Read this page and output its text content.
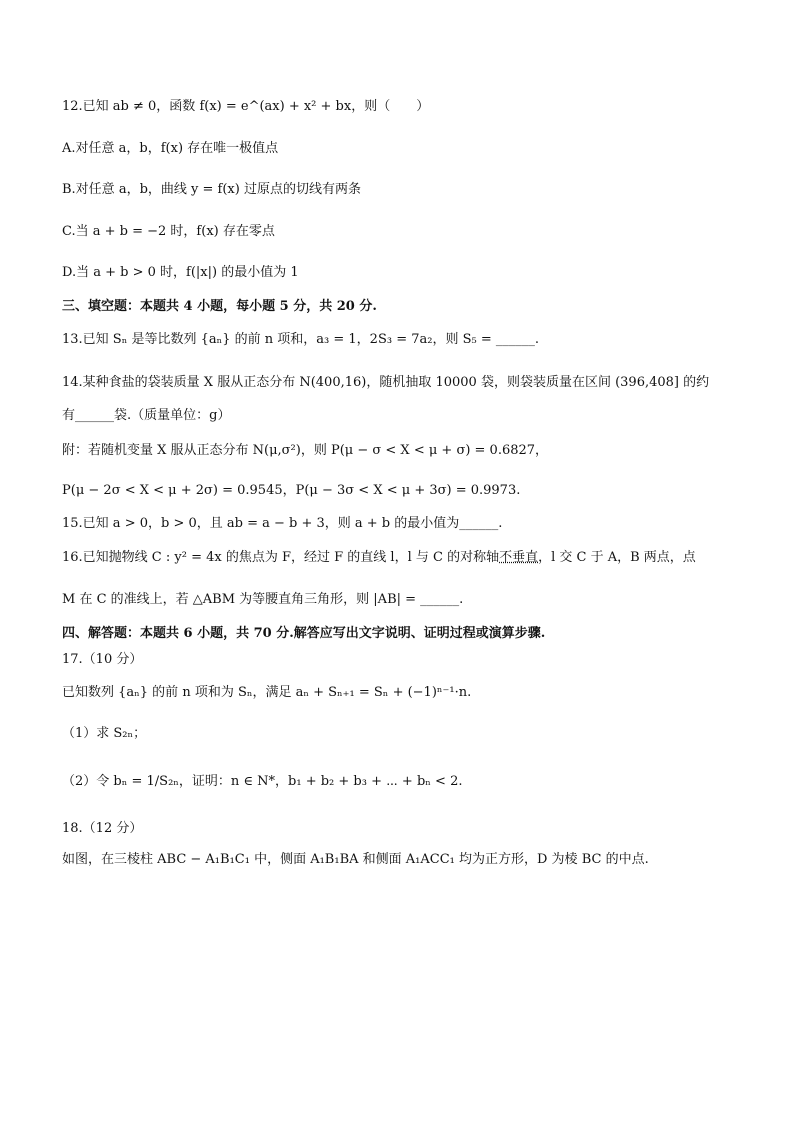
12.已知 ab ≠ 0，函数 f(x) = e^(ax) + x² + bx，则（　　）
A.对任意 a，b，f(x) 存在唯一极值点
B.对任意 a，b，曲线 y = f(x) 过原点的切线有两条
C.当 a + b = −2 时，f(x) 存在零点
D.当 a + b > 0 时，f(|x|) 的最小值为 1
三、填空题：本题共 4 小题，每小题 5 分，共 20 分.
13.已知 Sₙ 是等比数列 {aₙ} 的前 n 项和，a₃ = 1，2S₃ = 7a₂，则 S₅ = ______.
14.某种食盐的袋装质量 X 服从正态分布 N(400,16)，随机抽取 10000 袋，则袋装质量在区间 (396,408] 的约
有______袋.（质量单位：g）
附：若随机变量 X 服从正态分布 N(μ,σ²)，则 P(μ − σ < X < μ + σ) = 0.6827，
P(μ − 2σ < X < μ + 2σ) = 0.9545，P(μ − 3σ < X < μ + 3σ) = 0.9973.
15.已知 a > 0，b > 0，且 ab = a − b + 3，则 a + b 的最小值为______.
16.已知抛物线 C : y² = 4x 的焦点为 F，经过 F 的直线 l，l 与 C 的对称轴不垂直，l 交 C 于 A，B 两点，点
M 在 C 的准线上，若 △ABM 为等腰直角三角形，则 |AB| = ______.
四、解答题：本题共 6 小题，共 70 分.解答应写出文字说明、证明过程或演算步骤.
17.（10 分）
已知数列 {aₙ} 的前 n 项和为 Sₙ，满足 aₙ + Sₙ₊₁ = Sₙ + (−1)ⁿ⁻¹·n.
（1）求 S₂ₙ；
（2）令 bₙ = 1/S₂ₙ，证明：n ∈ N*，b₁ + b₂ + b₃ + ⋯ + bₙ < 2.
18.（12 分）
如图，在三棱柱 ABC − A₁B₁C₁ 中，侧面 A₁B₁BA 和侧面 A₁ACC₁ 均为正方形，D 为棱 BC 的中点.
